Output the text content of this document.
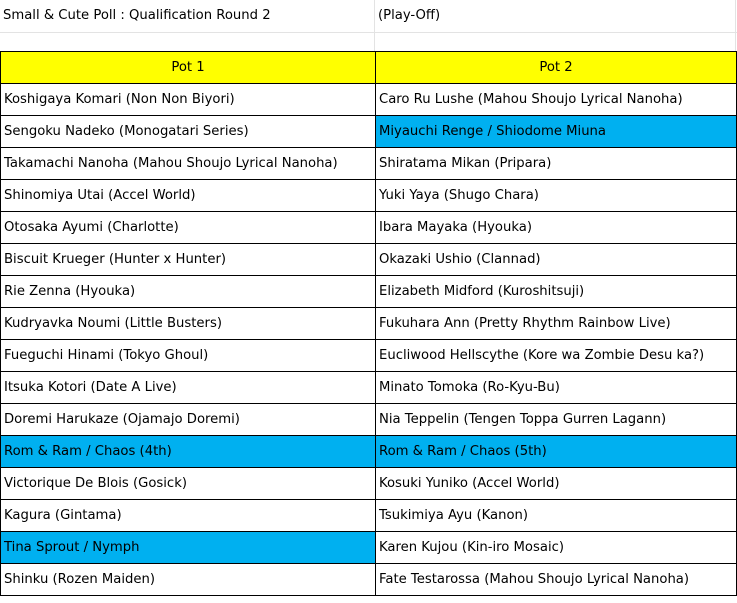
Small & Cute Poll : Qualification Round 2	(Play-Off)
Pot 1	Pot 2
Koshigaya Komari (Non Non Biyori)	Caro Ru Lushe (Mahou Shoujo Lyrical Nanoha)
Sengoku Nadeko (Monogatari Series)	Miyauchi Renge / Shiodome Miuna
Takamachi Nanoha (Mahou Shoujo Lyrical Nanoha)	Shiratama Mikan (Pripara)
Shinomiya Utai (Accel World)	Yuki Yaya (Shugo Chara)
Otosaka Ayumi (Charlotte)	Ibara Mayaka (Hyouka)
Biscuit Krueger (Hunter x Hunter)	Okazaki Ushio (Clannad)
Rie Zenna (Hyouka)	Elizabeth Midford (Kuroshitsuji)
Kudryavka Noumi (Little Busters)	Fukuhara Ann (Pretty Rhythm Rainbow Live)
Fueguchi Hinami (Tokyo Ghoul)	Eucliwood Hellscythe (Kore wa Zombie Desu ka?)
Itsuka Kotori (Date A Live)	Minato Tomoka (Ro-Kyu-Bu)
Doremi Harukaze (Ojamajo Doremi)	Nia Teppelin (Tengen Toppa Gurren Lagann)
Rom & Ram / Chaos (4th)	Rom & Ram / Chaos (5th)
Victorique De Blois (Gosick)	Kosuki Yuniko (Accel World)
Kagura (Gintama)	Tsukimiya Ayu (Kanon)
Tina Sprout / Nymph	Karen Kujou (Kin-iro Mosaic)
Shinku (Rozen Maiden)	Fate Testarossa (Mahou Shoujo Lyrical Nanoha)
